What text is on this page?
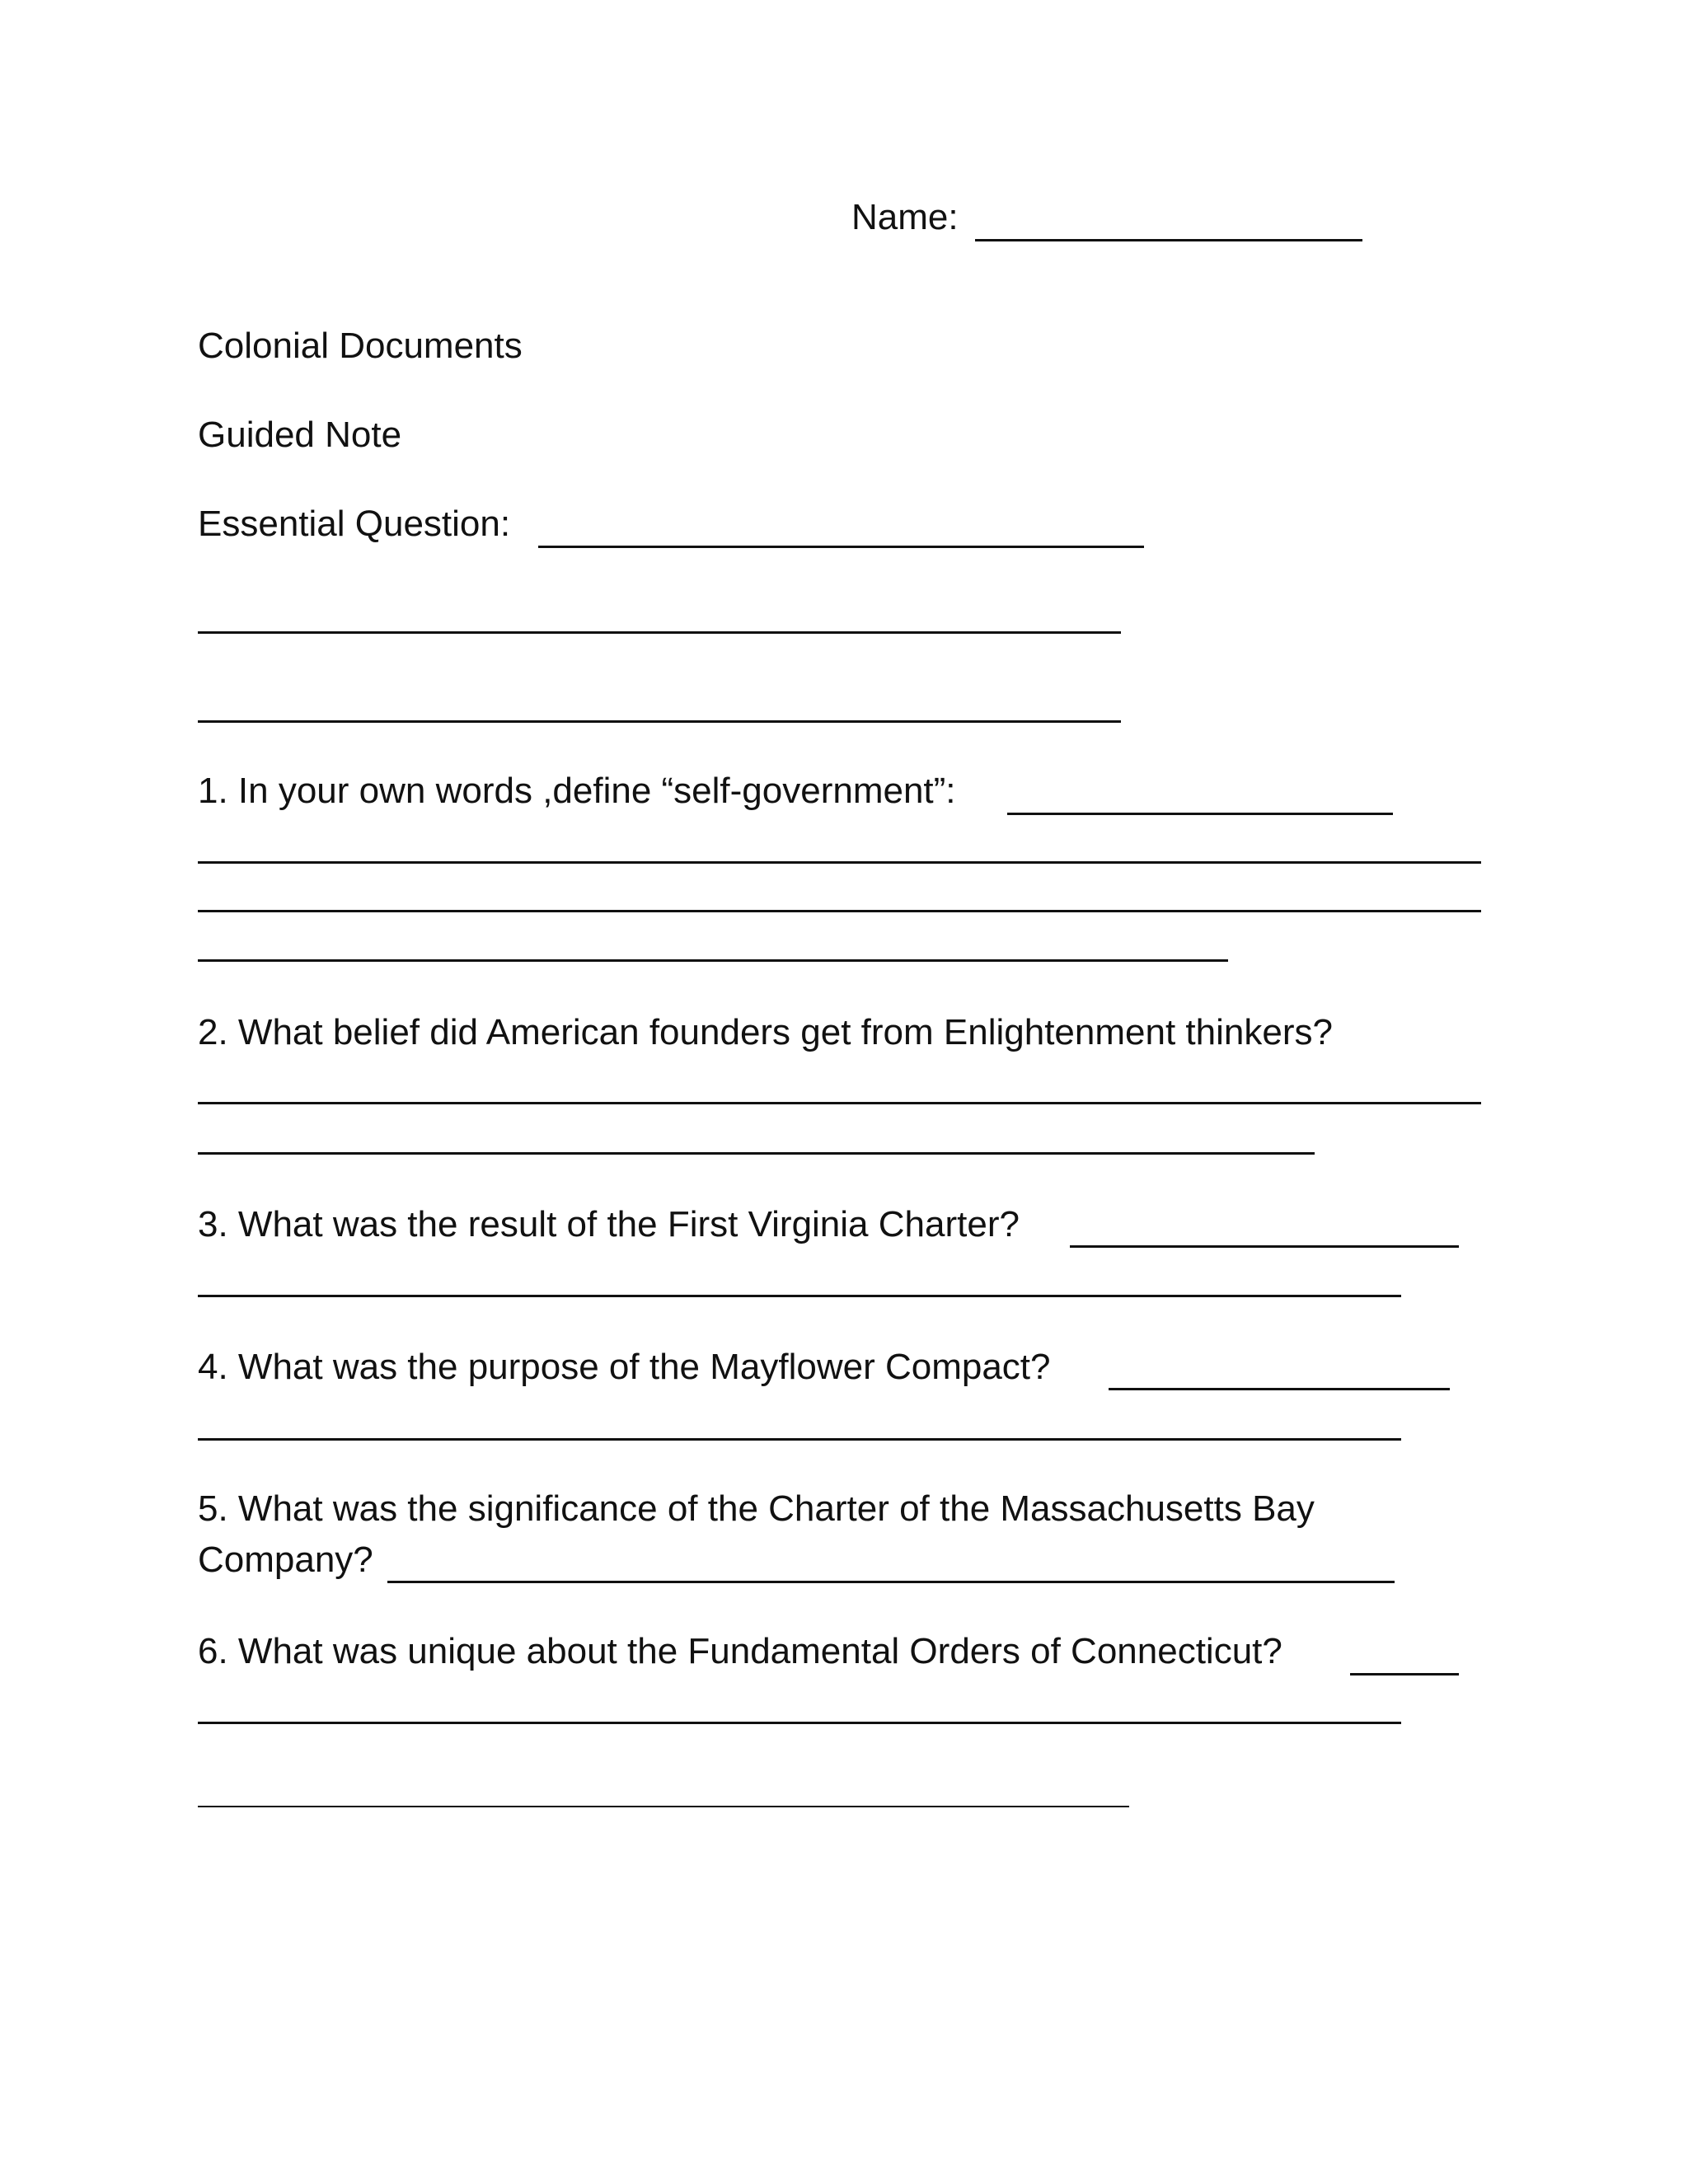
Name:
Colonial Documents
Guided Note
Essential Question:
1. In your own words ,define “self-government”:
2. What belief did American founders get from Enlightenment thinkers?
3. What was the result of the First Virginia Charter?
4. What was the purpose of the Mayflower Compact?
5. What was the significance of the Charter of the Massachusetts Bay
Company?
6. What was unique about the Fundamental Orders of Connecticut?
